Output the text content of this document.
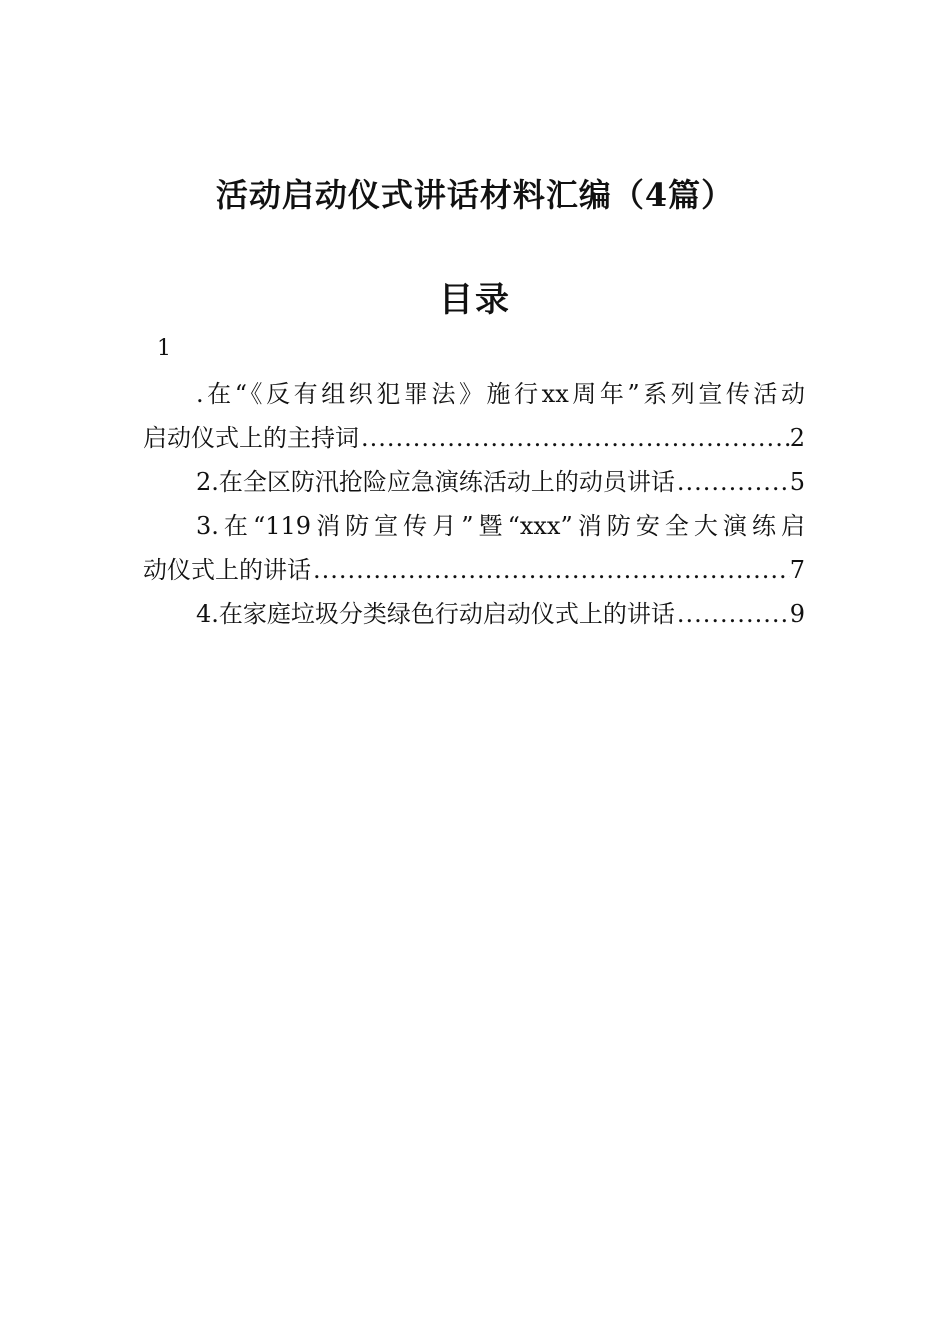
活动启动仪式讲话材料汇编（4篇）
目录
1
.在“《反有组织犯罪法》施行xx周年”系列宣传活动
启动仪式上的主持词 .....	2
2.在全区防汛抢险应急演练活动上的动员讲话 .....	5
3.在“119消防宣传月”暨“xxx”消防安全大演练启
动仪式上的讲话 .....	7
4.在家庭垃圾分类绿色行动启动仪式上的讲话 .....	9
